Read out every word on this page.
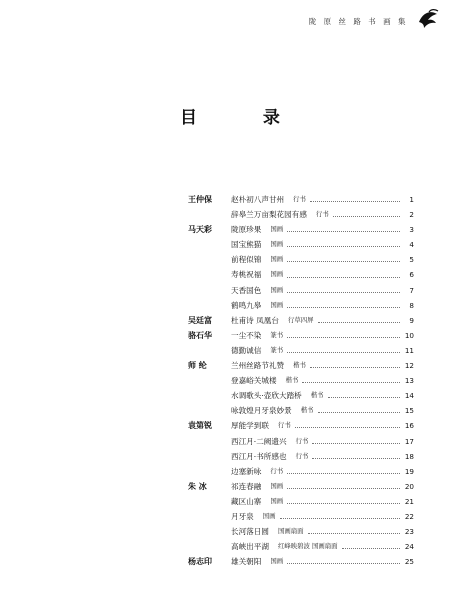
陇 原 丝 路 书 画 集
目 录
王仲保	赵朴初八声甘州 行书	1
辞皋兰万亩梨花园有感 行书	2
马天彩	陇原珍果 国画	3
国宝熊猫 国画	4
前程似锦 国画	5
寿桃祝福 国画	6
天香国色 国画	7
鹤鸣九皋 国画	8
吴廷富	杜甫诗 凤凰台 行草四屏	9
骆石华	一尘不染 篆书	10
德勤诚信 篆书	11
师 纶	兰州丝路节礼赞 楷书	12
登嘉峪关城楼 楷书	13
水调歌头·壶欣大踏桥 楷书	14
咏敦煌月牙泉妙景 楷书	15
袁第锐	厚能学到联 行书	16
西江月·二阙遗兴 行书	17
西江月·书所感也 行书	18
边塞新咏 行书	19
朱 冰	祁连春融 国画	20
藏区山寨 国画	21
月牙泉 国画	22
长河落日圆 国画扇面	23
高峡出平湖 红峰映碧波 国画扇面	24
杨志印	雄关朝阳 国画	25
